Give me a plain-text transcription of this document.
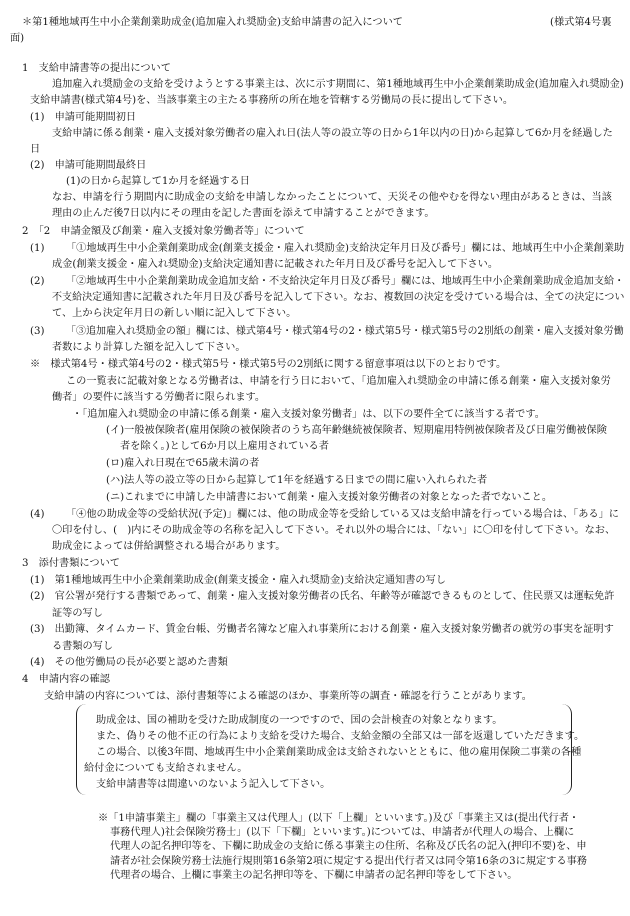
＊第1種地域再生中小企業創業助成金(追加雇入れ奨励金)支給申請書の記入について	(様式第4号裏
面)
1　支給申請書等の提出について
追加雇入れ奨励金の支給を受けようとする事業主は、次に示す期間に、第1種地域再生中小企業創業助成金(追加雇入れ奨励金)
支給申請書(様式第4号)を、当該事業主の主たる事務所の所在地を管轄する労働局の長に提出して下さい。
(1)　申請可能期間初日
支給申請に係る創業・雇入支援対象労働者の雇入れ日(法人等の設立等の日から1年以内の日)から起算して6か月を経過した
日
(2)　申請可能期間最終日
(1)の日から起算して1か月を経過する日
なお、申請を行う期間内に助成金の支給を申請しなかったことについて、天災その他やむを得ない理由があるときは、当該
理由の止んだ後7日以内にその理由を記した書面を添えて申請することができます。
2　「2　申請金額及び創業・雇入支援対象労働者等」について
(1) 「①地域再生中小企業創業助成金(創業支援金・雇入れ奨励金)支給決定年月日及び番号」欄には、地域再生中小企業創業助
成金(創業支援金・雇入れ奨励金)支給決定通知書に記載された年月日及び番号を記入して下さい。
(2) 「②地域再生中小企業創業助成金追加支給・不支給決定年月日及び番号」欄には、地域再生中小企業創業助成金追加支給・
不支給決定通知書に記載された年月日及び番号を記入して下さい。なお、複数回の決定を受けている場合は、全ての決定につい
て、上から決定年月日の新しい順に記入して下さい。
(3) 「③追加雇入れ奨励金の額」欄には、様式第4号・様式第4号の2・様式第5号・様式第5号の2別紙の創業・雇入支援対象労働
者数により計算した額を記入して下さい。
※　様式第4号・様式第4号の2・様式第5号・様式第5号の2別紙に関する留意事項は以下のとおりです。
この一覧表に記載対象となる労働者は、申請を行う日において、「追加雇入れ奨励金の申請に係る創業・雇入支援対象労
働者」の要件に該当する労働者に限られます。
・「追加雇入れ奨励金の申請に係る創業・雇入支援対象労働者」は、以下の要件全てに該当する者です。
(イ)一般被保険者(雇用保険の被保険者のうち高年齢継続被保険者、短期雇用特例被保険者及び日雇労働被保険
者を除く。)として6か月以上雇用されている者
(ロ)雇入れ日現在で65歳未満の者
(ハ)法人等の設立等の日から起算して1年を経過する日までの間に雇い入れられた者
(ニ)これまでに申請した申請書において創業・雇入支援対象労働者の対象となった者でないこと。
(4) 「④他の助成金等の受給状況(予定)」欄には、他の助成金等を受給している又は支給申請を行っている場合は、「ある」に
〇印を付し、(　)内にその助成金等の名称を記入して下さい。それ以外の場合には、「ない」に〇印を付して下さい。なお、
助成金によっては併給調整される場合があります。
3　添付書類について
(1)　第1種地域再生中小企業創業助成金(創業支援金・雇入れ奨励金)支給決定通知書の写し
(2)　官公署が発行する書類であって、創業・雇入支援対象労働者の氏名、年齢等が確認できるものとして、住民票又は運転免許
証等の写し
(3)　出勤簿、タイムカード、賃金台帳、労働者名簿など雇入れ事業所における創業・雇入支援対象労働者の就労の事実を証明す
る書類の写し
(4)　その他労働局の長が必要と認めた書類
4　申請内容の確認
支給申請の内容については、添付書類等による確認のほか、事業所等の調査・確認を行うことがあります。
助成金は、国の補助を受けた助成制度の一つですので、国の会計検査の対象となります。
また、偽りその他不正の行為により支給を受けた場合、支給金額の全部又は一部を返還していただきます。
この場合、以後3年間、地域再生中小企業創業助成金は支給されないとともに、他の雇用保険二事業の各種
給付金についても支給されません。
支給申請書等は間違いのないよう記入して下さい。
※「1申請事業主」欄の「事業主又は代理人」(以下「上欄」といいます。)及び「事業主又は(提出代行者・
事務代理人)社会保険労務士」(以下「下欄」といいます。)については、申請者が代理人の場合、上欄に
代理人の記名押印等を、下欄に助成金の支給に係る事業主の住所、名称及び氏名の記入(押印不要)を、申
請者が社会保険労務士法施行規則第16条第2項に規定する提出代行者又は同令第16条の3に規定する事務
代理者の場合、上欄に事業主の記名押印等を、下欄に申請者の記名押印等をして下さい。
